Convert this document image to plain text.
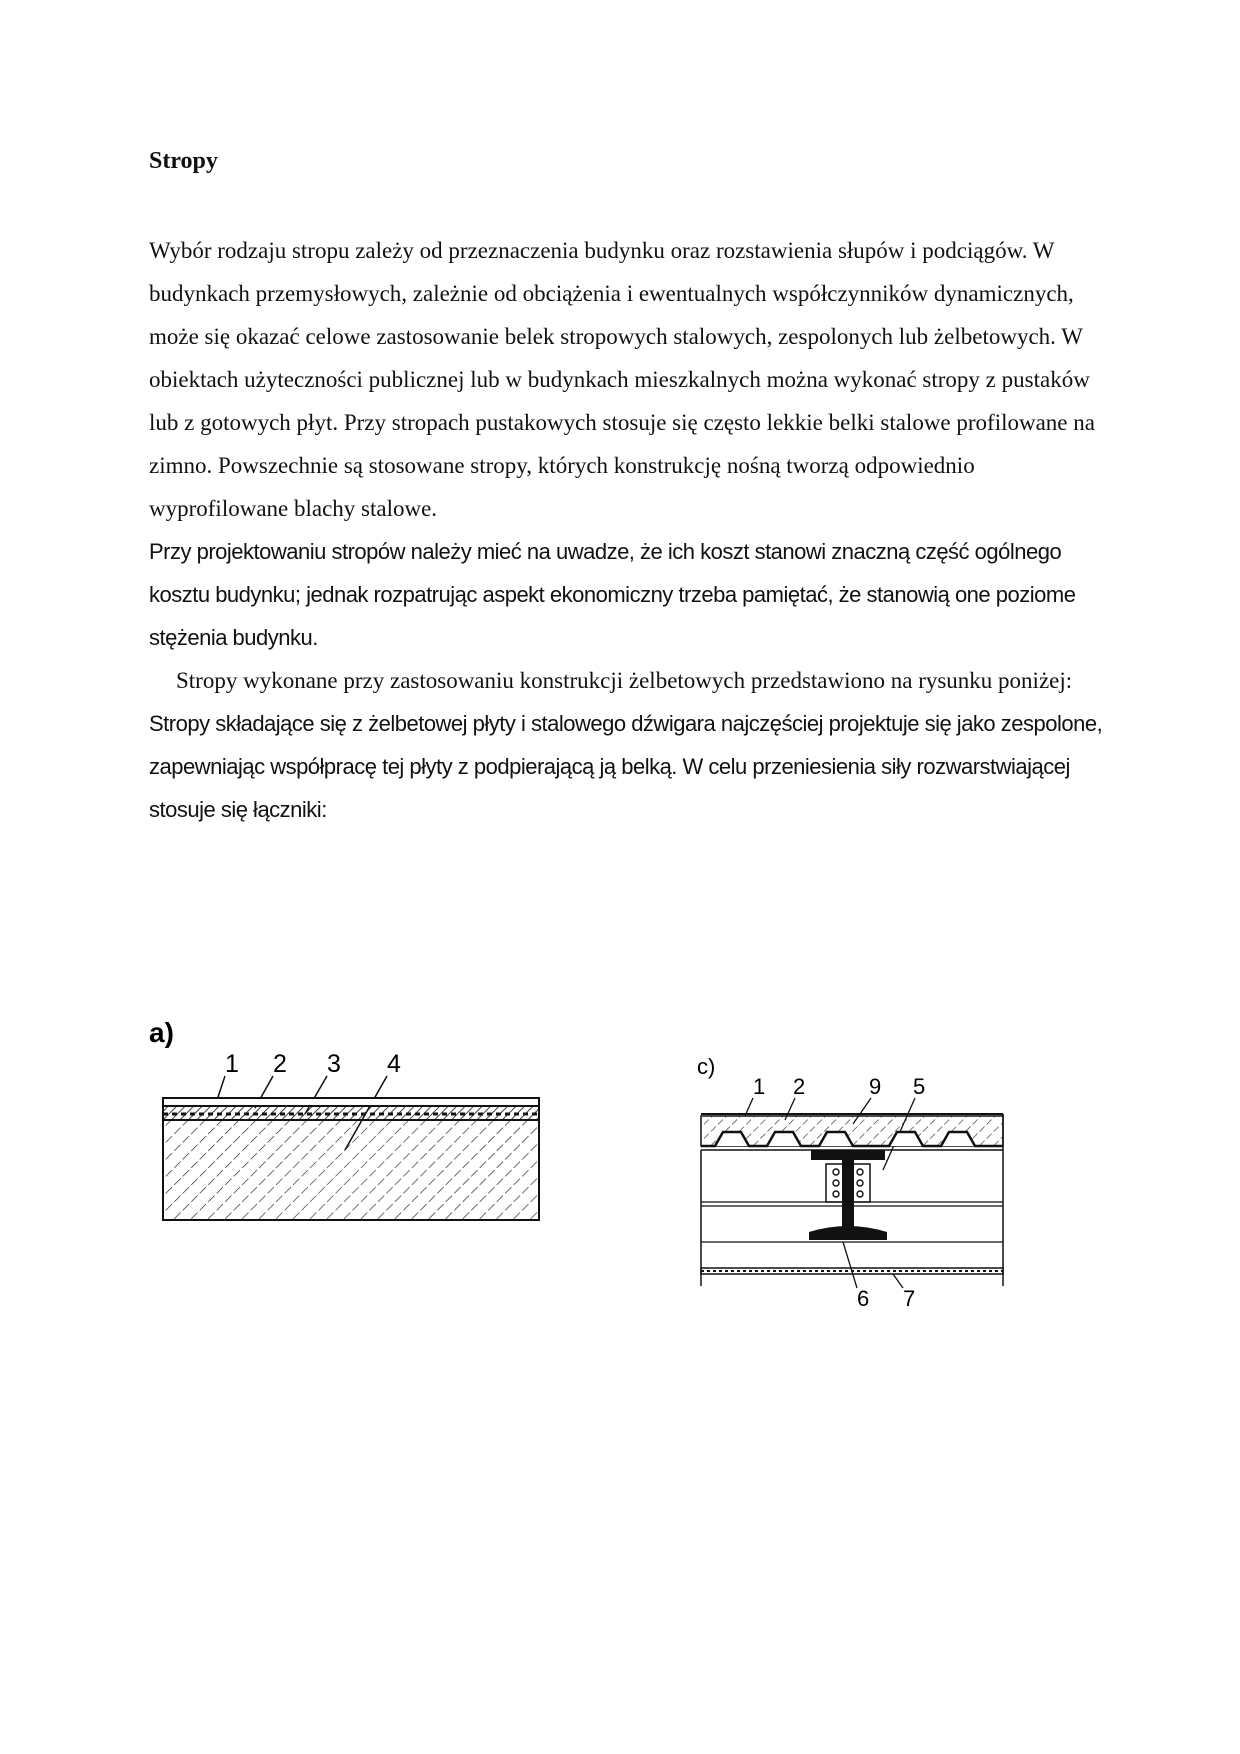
Stropy

Wybór rodzaju stropu zależy od przeznaczenia budynku oraz rozstawienia słupów i podciągów. W budynkach przemysłowych, zależnie od obciążenia i ewentualnych współczynników dynamicznych, może się okazać celowe zastosowanie belek stropowych stalowych, zespolonych lub żelbetowych. W obiektach użyteczności publicznej lub w budynkach mieszkalnych można wykonać stropy z pustaków lub z gotowych płyt. Przy stropach pustakowych stosuje się często lekkie belki stalowe profilowane na zimno. Powszechnie są stosowane stropy, których konstrukcję nośną tworzą odpowiednio wyprofilowane blachy stalowe.

Przy projektowaniu stropów należy mieć na uwadze, że ich koszt stanowi znaczną część ogólnego kosztu budynku; jednak rozpatrując aspekt ekonomiczny trzeba pamiętać, że stanowią one poziome stężenia budynku.

Stropy wykonane przy zastosowaniu konstrukcji żelbetowych przedstawiono na rysunku poniżej:

Stropy składające się z żelbetowej płyty i stalowego dźwigara najczęściej projektuje się jako zespolone, zapewniając współpracę tej płyty z podpierającą ją belką. W celu przeniesienia siły rozwarstwiającej stosuje się łączniki:

a)
1 2 3 4	c)
1 2	9 5
6 7
